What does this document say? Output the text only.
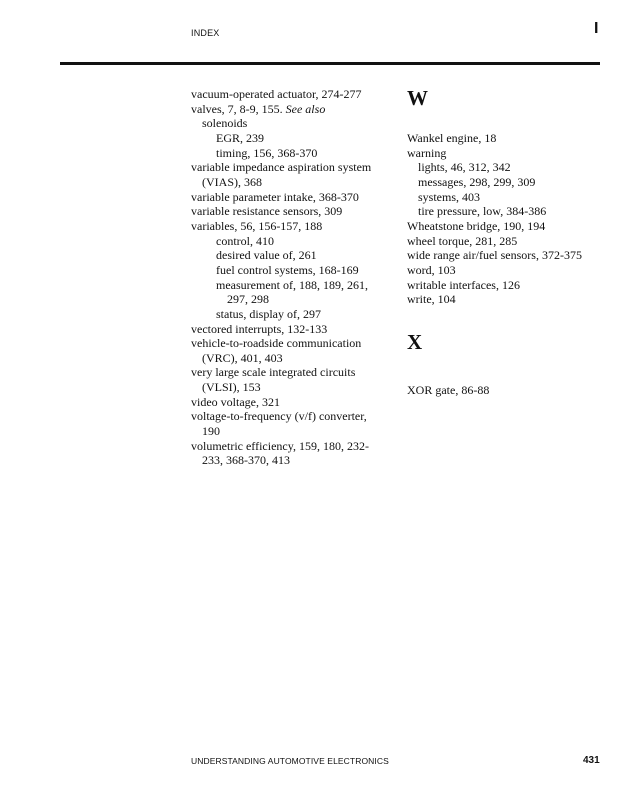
INDEX	I
vacuum-operated actuator, 274-277
valves, 7, 8-9, 155. See also
solenoids
EGR, 239
timing, 156, 368-370
variable impedance aspiration system
(VIAS), 368
variable parameter intake, 368-370
variable resistance sensors, 309
variables, 56, 156-157, 188
control, 410
desired value of, 261
fuel control systems, 168-169
measurement of, 188, 189, 261,
297, 298
status, display of, 297
vectored interrupts, 132-133
vehicle-to-roadside communication
(VRC), 401, 403
very large scale integrated circuits
(VLSI), 153
video voltage, 321
voltage-to-frequency (v/f) converter,
190
volumetric efficiency, 159, 180, 232-
233, 368-370, 413
W
Wankel engine, 18
warning
lights, 46, 312, 342
messages, 298, 299, 309
systems, 403
tire pressure, low, 384-386
Wheatstone bridge, 190, 194
wheel torque, 281, 285
wide range air/fuel sensors, 372-375
word, 103
writable interfaces, 126
write, 104
X
XOR gate, 86-88
UNDERSTANDING AUTOMOTIVE ELECTRONICS	431
